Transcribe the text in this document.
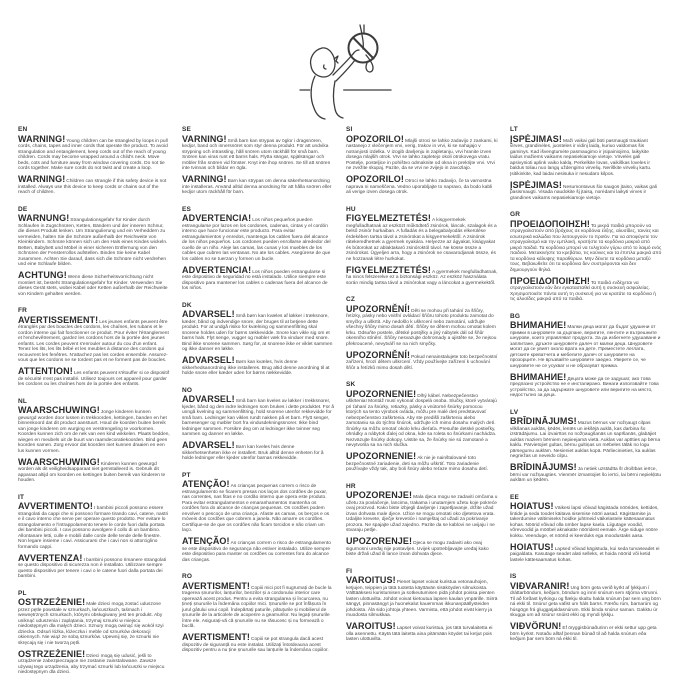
EN

WARNING!Young children can be strangled by loops in pull cords, chains, tapes and inner cords that operate the product. To avoid strangulation and entanglement, keep cords out of the reach of young children. Cords may become wrapped around a child's neck. Move beds, cots and furniture away from window covering cords. Do not tie cords together. Make sure cords do not twist and create a loop.

WARNING!Children can strangle if this safety device is not installed. Always use this device to keep cords or chains out of the reach of children.

DE

WARNUNG!Strangulationsgefahr für Kinder durch Schlaufen in Zugschnüren, Ketten, Bändern und der inneren Schnur, die dieses Produkt lenken. Um Strangulierung und ein Verheddern zu vermeiden, halten Sie die Schnüre außerhalb der Reichweite von Kleinkindern. Schnüre können sich um den Hals eines Kindes wickeln. Betten, Babybett und Möbel in einer sicheren Entfernung von den Schnüren der Fensterrollos aufstellen. Binden Sie keine Kabel zusammen. Achten Sie darauf, dass sich die Schnüre nicht verdrehen und eine Schlaufe bilden.

ACHTUNG!Wenn diese Sicherheitsvorrichtung nicht montiert ist, besteht Strangulationsgefahr für Kinder. Verwenden Sie dieses Gerät stets, wobei Kabel oder Ketten außerhalb der Reichweite von Kindern gehalten werden.

FR

AVERTISSEMENT!Les jeunes enfants peuvent être étranglés par des boucles des cordons, les chaînes, les rubans et le cordon interne qui fait fonctionner ce produit. Pour éviter l'étranglement et l'enchevêtrement, gardez les cordons hors de la portée des jeunes enfants. Les cordes peuvent s'enrouler autour du cou d'un enfant. Tenez les lits, les lits bébé et les meubles à distance des cordons qui recouvrent les fenêtres. N'attachez pas les cordes ensemble. Assurez-vous que les cordons ne se tordent pas et ne forment pas de boucles.

ATTENTION!Les enfants peuvent s'étouffer si ce dispositif de sécurité n'est pas installé. Utilisez toujours cet appareil pour garder les cordons ou les chaînes hors de la portée des enfants.

NL

WAARSCHUWING!Jonge kinderen kunnen gewurgd worden door lussen in trekkoorden, kettingen, banden en het binnenkoord dat dit product aanstuurt. Houd de koorden buiten bereik van jonge kinderen om wurging en verstrengeling te voorkomen. Koorden kunnen zich om de nek van een kind wikkelen. Plaats bedden, wiegen en meubels uit de buurt van raamdecoratiekoorden. Bind geen koorden samen. Zorg ervoor dat koorden niet kunnen draaien en een lus kunnen vormen.

WAARSCHUWING!Kinderen kunnen gewurgd worden als dit veiligheidsapparaat niet geïnstalleerd is. Gebruik dit apparaat altijd om koorden en kettingen buiten bereik van kinderen te houden.

IT

AVVERTIMENTO!I bambini piccoli possono essere strangolati da cappi che si possono formare tirando cavi, catene, nastri e il cavo interno che serve per operare questo prodotto. Per evitare lo strangolamento e l'intrappolamento tenere le corde fuori dalla portata dei bambini piccoli. I cavi possono avvolgere il collo di un bambino. Allontanare letti, culle e mobili dalle corde delle tende delle finestre. Non legare insieme i cavi. Assicurarsi che i cavi non si attorciglino formando cappi.

AVVERTENZA!I bambini possono rimanere strangolati se questo dispositivo di sicurezza non è installato. Utilizzare sempre questo dispositivo per tenere i cavi o le catene fuori dalla portata dei bambini.

PL

OSTRZEŻENIE!Małe dzieci mogą zostać uduszone przez pętle powstałe w sznurkach, łańcuszkach, taśmach i wewnętrznych sznurkach, którymi obsługiwany jest ten produkt. Aby uniknąć uduszenia i zaplątania, trzymaj sznurki w miejscu niedostępnym dla małych dzieci. Sznury mogą owinąć się wokół szyi dziecka. Odsuń łóżka, łóżeczka i meble od sznurków dekoracji okiennych. Nie wiąż ze sobą sznurków. Upewnij się, że sznurki nie skręcają się i nie tworzą pętli.

OSTRZEŻENIE!Dzieci mogą się udusić, jeśli to urządzenie zabezpieczające nie zostanie zainstalowane. Zawsze używaj tego urządzenia, aby trzymać sznurki lub łańcuszki w miejscu niedostępnym dla dzieci.

SE

VARNING!Små barn kan strypas av öglor i dragsnören, kedjor, band och innersnöret som styr denna produkt. För att undvika strypning och intrassling, håll snören utom räckhåll för små barn. Snören kan viras runt ett barns hals. Flytta sängar, spjälsängar och möbler från snören vid fönster. Knyt inte ihop snören. Se till att snören inte tvinnas och bildar en ögla.

VARNING!Barn kan strypas om denna säkerhetsanordning inte installeras. Använd alltid denna anordning för att hålla snören eller kedjor utom räckhåll för barn.

ES

ADVERTENCIA!Los niños pequeños pueden estrangularse por lazos en los cordones, cadenas, cintas y el cordón interno que hace funcionar este producto. Para evitar estrangulamientos y enredos, mantenga los cables fuera del alcance de los niños pequeños. Los cordones pueden enrollarse alrededor del cuello de un niño. Aleje las camas, las cunas y los muebles de los cables que cubren las ventanas. No ate los cables. Asegúrese de que los cables no se tuerzan y formen un bucle.

ADVERTENCIA!Los niños pueden estrangularse si este dispositivo de seguridad no está instalado. Utilice siempre este dispositivo para mantener los cables o cadenas fuera del alcance de los niños.

DK

ADVARSEL!Små børn kan kvæles af løkker i træksnore, kæder, bånd og indvendige snore, der bruges til at betjene dette produkt. For at undgå risiko for kvælning og sammenfiltring skal snorene holdes uden for børns rækkevidde. Snore kan vikle sig om et barns hals. Flyt senge, vugger og møbler væk fra vinduer med snore. Bind ikke snorene sammen. Sørg for, at snorene ikke er viklet sammen og ikke danner en løkke.

ADVARSEL!Børn kan kvæles, hvis denne sikkerhedsanordning ikke installeres. Brug altid denne anordning til at holde snore eller kæder uden for børns rækkevidde.

NO

ADVARSEL!Små barn kan kveles av løkker i trekksnorer, kjeder, bånd og den indre ledningen som brukes i dette produktet. For å unngå kvelning og sammenfiltring, hold snorene utenfor rekkevidde for små barn. Ledninger kan vikles rundt nakken på et barn. Flytt senger, barnesenger og møbler bort fra vindusdekningssnorer. Ikke bind ledninger sammen. Forsikre deg om at ledninger ikke tvinner seg sammen og danner en løkke.

ADVARSEL!Barn kan kveles hvis denne sikkerhetsenheten ikke er installert. Bruk alltid denne enheten for å holde ledninger eller kjeder utenfor barnas rekkevidde.

PT

ATENÇÃO!As crianças pequenas correm o risco de estrangulamento se ficarem presas nos laços dos cordões de puxar, nas correntes, nas fitas e no cordão interno que opera este produto. Para evitar estrangulamentos e emaranhamentos mantenha os cordões fora do alcance de crianças pequenas. Os cordões podem envolver o pescoço de uma criança. Afaste as camas, os berços e os móveis dos cordões que cobrem a janela. Não amarre os cordões. Certifique-se de que os cordões não ficam torcidos e não criam um laço.

ATENÇÃO!As crianças correm o risco de estrangulamento se este dispositivo de segurança não estiver instalado. Utilize sempre este dispositivo para manter os cordões ou correntes fora do alcance das crianças.

RO

AVERTISMENT!Copiii mici pot fi sugrumați de bucle la tragerea șnururilor, lanțurilor, benzilor și a cordonului interior care operează acest produs. Pentru a evita strangularea și încurcarea, nu țineți șnururile la îndemâna copiilor mici. Șnururile se pot înfășura în jurul gâtului unui copil. Îndepărtați paturile, pătuțurile și mobilierul de șnururile de la articolele de acoperire a geamurilor. Nu legați șnururile între ele. Asigurați-vă că șnururile nu se răsucesc și nu formează o buclă.

AVERTISMENT!Copiii se pot strangula dacă acest dispozitiv de siguranță nu este instalat. Utilizați întotdeauna acest dispozitiv pentru a nu ține șnururile sau lanțurile la îndemâna copiilor.

SI

OPOZORILO!Mlajši otroci se lahko zadavijo z zankami, ki nastanejo z vlečenjem vrvi, verig, trakov in vrvi, ki se nahajajo v notranjosti izdelka. V izogib davljenju in zapletanju, vrvi hranite izven dosega mlajših otrok. Vrvi se lahko zapletejo okoli otrokovega vratu. Postelje, posteljice in pohištvo odmaknite od okna in prekrijte vrvi. Vrvi ne zvežite skupaj. Pazite, da se vrvi ne zvijejo in zavozlajo.

OPOZORILO!Otroci se lahko zadavijo, če ta varnostna naprava ni nameščena. Vedno uporabljajte to napravo, da bodo kabli ali verige izven dosega otrok.

HU

FIGYELMEZTETÉS!A kisgyermekek megfulladhatnak az eszközt működtető zsinórok, láncok, szalagok és a belső zsinór hurkaiban. A fulladás és a belegabalyodás elkerülése érdekében tartsa távol a zsinórokat a kisgyermekektől. A zsinórok rátekeredhetnek a gyermek nyakára. Helyezze az ágyakat, kiságyakat és bútorokat az ablaktakaró zsinóroktól távol. Ne kösse össze a zsinórokat. Ügyeljen arra, hogy a zsinórok ne csavarodjanak össze, és ne hozzanak létre hurkokat.

FIGYELMEZTETÉS!A gyermekek megfulladhatnak, ha nincs felszerelve ez a biztonsági eszköz. Az eszköz használata során mindig tartsa távol a zsinórokat vagy a láncokat a gyermekektől.

CZ

UPOZORNĚNÍ!Děti se mohou při tahání za šňůry, řetízky, pásky nebo vnitřní ovládací šňůru tohoto produktu zamotat do smyčky a uškrtit. Aby nedošlo k uškrcení nebo zamotání, udržujte všechny šňůry mimo dosah dětí. Šňůry se dětem mohou omotat kolem krku. Odsuňte postele, dětské postýlky a jiný nábytek dál od šňůr okenního stínění. Šňůry nesvazujte dohromady a ujistěte se, že nejsou překroucené, nevytváří se na nich smyčky.

UPOZORNĚNÍ!Pokud nenainstalujete toto bezpečnostní zařízení, hrozí dětem uškrcení. Vždy používejte zařízení k uchování šňůr a řetízků mimo dosah dětí.

SK

UPOZORNENIE!Dlhý kábel. Nebezpečenstvo uškrtenia! Montáž musí vykonať dospelá osoba. Slučky, ktoré vytvárajú pri ťahaní za šnúrky, retiazky, pásky a vnútorné šnúrky pomocou ktorých sa tento výrobok ovláda, môžu pre malé deti predstavovať nebezpečenstvo zaškrtenia. Aby ste predišli zaškrteniu alebo zamotaniu sa do týchto šnúrok, udržujte ich mimo dosahu malých detí. Šnúrky sa môžu omotať okolo krku dieťaťa. Presuňte detské postieľky, ohrádky a nábytok ďalej od okna, kde sa roleta so šnúrkami nachádza. Nezväzujte šnúrky dokopy. Uistite sa, že šnúrky nie sú zamotané a nevytvorila sa na nich slučka.

UPOZORNENIE!Ak nie je nainštalované toto bezpečnostné zariadenie, deti sa môžu uškrtiť. Toto zariadenie používajte vždy tak, aby boli šnúry alebo reťaze mimo dosahu detí.

HR

UPOZORENJE!Mala djeca mogu se zadaviti omčama u užetu za povlačenje, lancima, trakama i unutarnjem užetu koje pokreće ovaj proizvod. Kako biste izbjegli davljenje i zapetljavanje, držite užad izvan dohvata male djece. Užice se mogu omotati oko djetetova vrata. Udaljite krevete, dječje krevetiće i namještaj od užadi za pokrivanje prozora. Ne spajajte užad zajedno. Pazite da se kablovi ne uvijaju i ne stvaraju petlje.

UPOZORENJE!Djeca se mogu zadaviti ako ovaj sigurnosni uređaj nije postavljen. Uvijek upotrebljavajte uređaj kako biste držali užad ili lance izvan dohvata djece.

FI

VAROITUS!Pienet lapset voivat kuristua vetonauhojen, ketjujen, teippien ja tätä tuotetta käyttävän sisäköyden silmukoista. Välttääksesi kuristumisen ja sotkeutumisen pidä johdot poissa pienten lasten ulottuvilta. Johdot voivat kietoutua lapsen kaulan ympärille. Siirrä sängyt, pinnasängyt ja huonekalut kauemmas ikkunanpäällysteiden johdoista. Älä sido johtoja yhteen. Varmista, että johdot eivät kierry ja muodosta silmukkaa.

VAROITUS!Lapset voivat kuristua, jos tätä turvalaitetta ei olla asennettu. Käytä tätä laitetta aina pitämään köydet tai ketjut pois lasten ulottuvilta.

LT

ĮSPĖJIMAS!Maži vaikai gali būti pasmaugti traukiant virves, grandinėles, juosteles ir vidinį laidą, kuriuo valdomas šis gaminys. Kad išvengtumėte pasmaugimo ir įsipainiojimo, laikykite laidus mažiems vaikams nepasiekiamoje vietoje. Virvelės gali apsivynioti aplink vaiko kaklą. Perkelkite lovas, vaikiškas loveles ir baldus toliau nuo langų uždengimo virvelių. Neriškite virvelių kartu. Įsitikinkite, kad laidai nesisuka ir nesudaro kilpos.

ĮSPĖJIMAS!Nesumontavus šio saugos įtaiso, vaikas gali pasismaugti. Visada naudokite šį įtaisą, norėdami laikyti virves ir grandines vaikams nepasiekiamoje vietoje.

GR

ΠΡΟΕΙΔΟΠΟΙΗΣΗ!Τα μικρά παιδιά μπορούν να στραγγαλιστούν από βρόχους σε κορδόνια έλξης, αλυσίδες, ταινίες και εσωτερικά καλώδια που λειτουργούν το προϊόν. Για να αποφύγετε τον στραγγαλισμό και την εμπλοκή, κρατήστε τα κορδόνια μακριά από μικρά παιδιά. Τα κορδόνια μπορεί να τυλιχτούν γύρω από το λαιμό ενός παιδιού. Μετακινήστε τα κρεβάτια, τις κούνιες και τα έπιπλα μακριά από τα κορδόνια κάλυψης παραθύρων. Μην δένετε τα κορδόνια μεταξύ τους. Βεβαιωθείτε ότι τα κορδόνια δεν συστρέφονται και δεν δημιουργούν θηλιά.

ΠΡΟΕΙΔΟΠΟΙΗΣΗ!Τα παιδιά ενδέχεται να στραγγαλιστούν εάν δεν εγκατασταθεί αυτή η συσκευή ασφαλείας. Χρησιμοποιείτε πάντα αυτή τη συσκευή για να κρατάτε τα κορδόνια ή τις αλυσίδες μακριά από τα παιδιά.

BG

ВНИМАНИЕ!Малки деца могат да бъдат удушени от примки в шнуровете за дърпане, веригите, лентите и вътрешните шнурове, които управляват продукта. За да избегнете удушаване и заплитане, дръжте шнуровете далеч от малки деца. Шнуровете могат да се увият около врата на дете. Преместете леглата, детските креватчета и мебелите далеч от шнуровете на прозорците. Не връзвайте шнуровете заедно. Уверете се, че шнуровете не се усукват и не образуват примка.

ВНИМАНИЕ!Децата може да се задушат, ако това предпазно устройство не е инсталирано. Винаги използвайте това устройство, за да задържате шнуровете или веригите на място, недостъпно за деца.

LV

BRĪDINĀJUMS!Mazus bērnus var nožņaugt cilpas vilkšanas auklās, ķēdēs, lentēs un iekšējā auklā, kas darbina šo izstrādājumu. Lai izvairītos no nožņaugšanās un sapīšanās, glabājiet auklas maziem bērniem nepieejamā vietā. Auklas var aptīties ap bērna kaklu. Pārvietojiet gultas, bērnu gultiņas un mēbeles tālāk no logu pārsegumu auklām. Nesieniet auklas kopā. Pārliecinieties, ka auklas negriežas un neveido cilpu.

BRĪDINĀJUMS!Ja netiek uzstādīta šī drošības ierīce, bērni var nožņaugties. Vienmēr izmantojiet šo ierīci, lai bērni nepiekļūtu auklām un ķēdēm.

EE

HOIATUS!Väikesi lapsi võivad kägistada nöörides, kettides, lintide ja seda toodet käitava sisemise nööri aasad. Kägistamise ja takerdumise vältimiseks hoidke juhtmeid väikelastele kättesaamatus kohas. Nöörid võivad olla ümber lapse kaela. Liigutage voodid, võrevoodid ja mööbel aknakatte nööridest eemale. Ärge siduge nööre kokku. Veenduge, et nöörid ei keerduks ega moodustaks aasa.

HOIATUS!Lapsed võivad kägistuda, kui seda turvaseadet ei paigaldata. Kasutage seadet alati selleks, et hoida nöörid või ketid lastele kättesaamatus kohas.

IS

VIÐVARANIR!Ung börn geta verið kyrkt af lykkjum í dráttarböndum, keðjum, böndum og innri snúrum sem stjórna vörunni. Til að forðast kyrkingu og flækju skaltu halda snúrum þar sem ung börn ná ekki til. Snúrur geta vafist um háls barns. Færðu rúm, barnarúm og húsgögn frá gluggatjaldasnúrum. Ekki binda snúrur saman. Gakktu úr skugga um að snúrur snúist ekki og myndi lykkju.

VIÐVÖRUN!Ef öryggisbúnaðurinn er ekki settur upp geta börn kyrkst. Notaðu alltaf þennan búnað til að halda snúrum eða keðjum þar sem börn ná ekki til.
